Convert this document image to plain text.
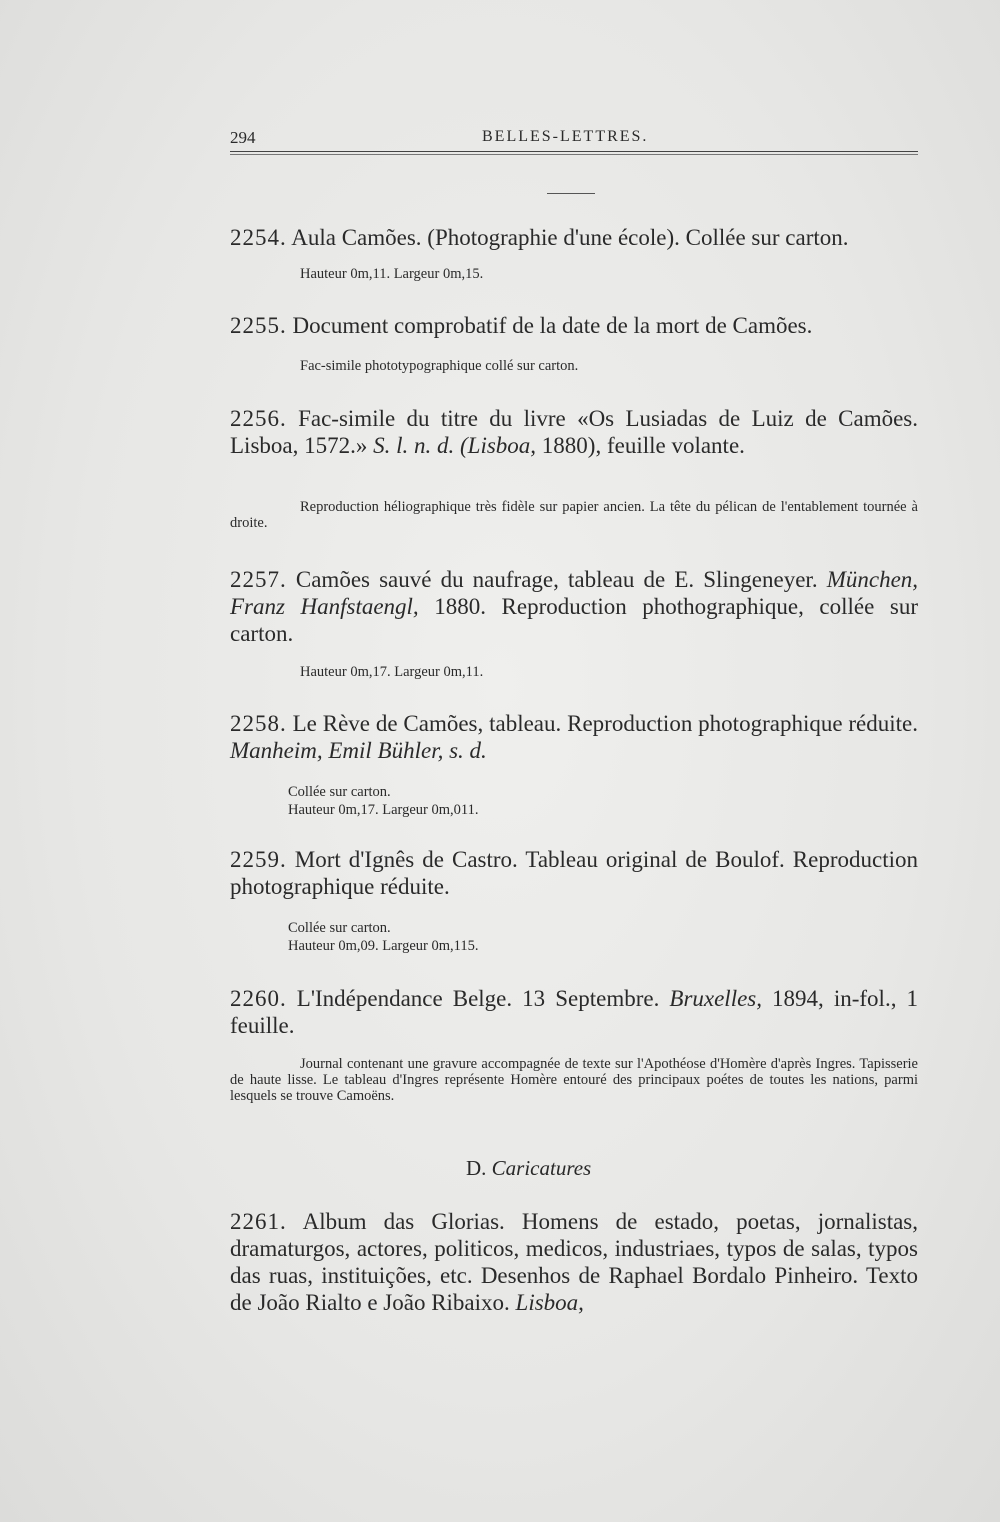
294	BELLES-LETTRES.
2254. Aula Camões. (Photographie d'une école). Collée sur carton.
Hauteur 0m,11. Largeur 0m,15.
2255. Document comprobatif de la date de la mort de Camões.
Fac-simile phototypographique collé sur carton.
2256. Fac-simile du titre du livre «Os Lusiadas de Luiz de Camões. Lisboa, 1572.» S. l. n. d. (Lisboa, 1880), feuille volante.
Reproduction héliographique très fidèle sur papier ancien. La tête du pélican de l'entablement tournée à droite.
2257. Camões sauvé du naufrage, tableau de E. Slingeneyer. München, Franz Hanfstaengl, 1880. Reproduction phothographique, collée sur carton.
Hauteur 0m,17. Largeur 0m,11.
2258. Le Rève de Camões, tableau. Reproduction photographique réduite. Manheim, Emil Bühler, s. d.
Collée sur carton.
Hauteur 0m,17. Largeur 0m,011.
2259. Mort d'Ignês de Castro. Tableau original de Boulof. Reproduction photographique réduite.
Collée sur carton.
Hauteur 0m,09. Largeur 0m,115.
2260. L'Indépendance Belge. 13 Septembre. Bruxelles, 1894, in-fol., 1 feuille.
Journal contenant une gravure accompagnée de texte sur l'Apothéose d'Homère d'après Ingres. Tapisserie de haute lisse. Le tableau d'Ingres représente Homère entouré des principaux poétes de toutes les nations, parmi lesquels se trouve Camoëns.
D. Caricatures
2261. Album das Glorias. Homens de estado, poetas, jornalistas, dramaturgos, actores, politicos, medicos, industriaes, typos de salas, typos das ruas, instituições, etc. Desenhos de Raphael Bordalo Pinheiro. Texto de João Rialto e João Ribaixo. Lisboa,
